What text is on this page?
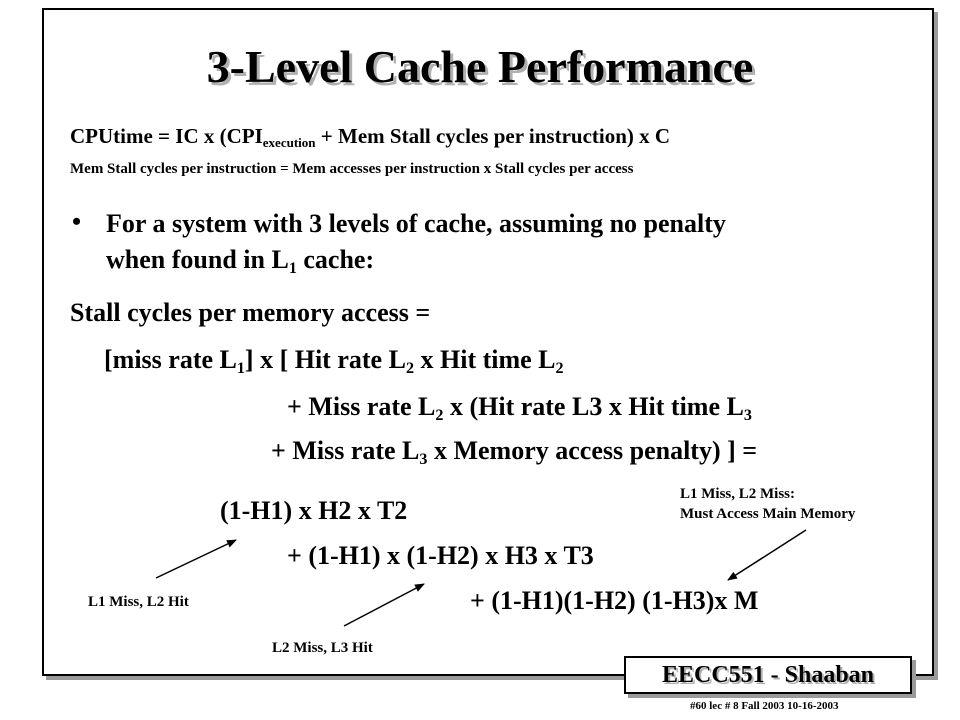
3-Level Cache Performance
CPUtime = IC x ($CPI_{execution}$ + Mem Stall cycles per instruction) x C
Mem Stall cycles per instruction = Mem accesses per instruction x Stall cycles per access
• For a system with 3 levels of cache, assuming no penalty
when found in $L_1$ cache:
Stall cycles per memory access =
[miss rate $L_1$] x [ Hit rate $L_2$ x Hit time $L_2$
+ Miss rate $L_2$ x (Hit rate L3 x Hit time $L_3$
+ Miss rate $L_3$ x Memory access penalty) ] =
(1-H1) x H2 x T2
+ (1-H1) x (1-H2) x H3 x T3
+ (1-H1)(1-H2) (1-H3)x M
L1 Miss, L2 Hit
L2 Miss, L3 Hit
L1 Miss, L2 Miss:
Must Access Main Memory
EECC551 - Shaaban
#60 lec # 8 Fall 2003 10-16-2003
